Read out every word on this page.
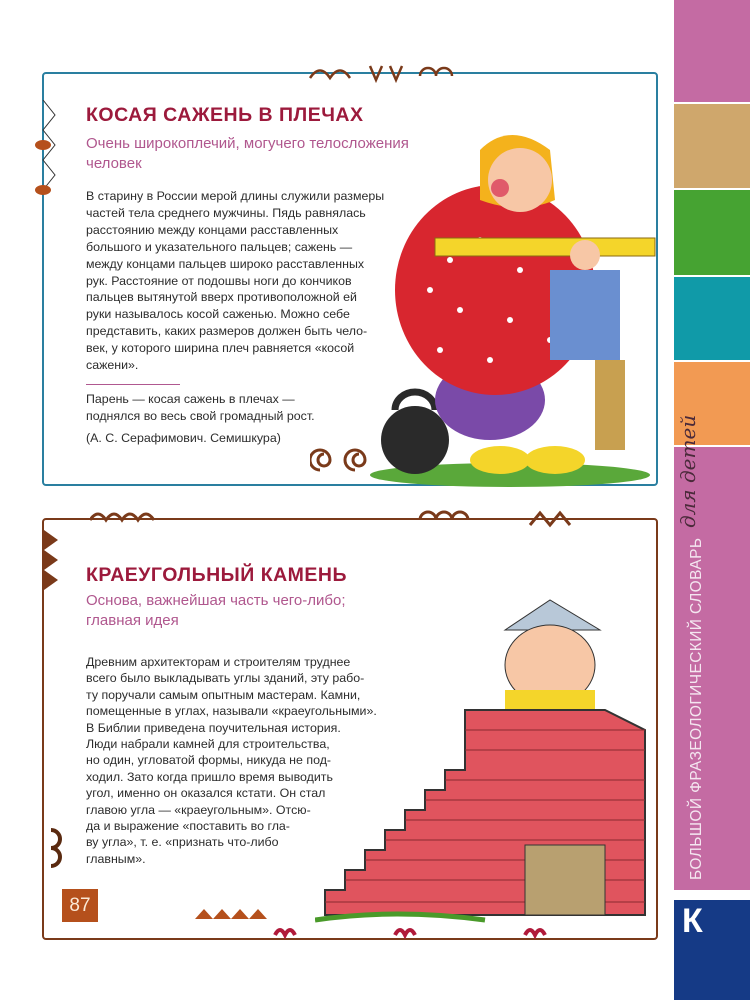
для детей
БОЛЬШОЙ ФРАЗЕОЛОГИЧЕСКИЙ СЛОВАРЬ
К
КОСАЯ САЖЕНЬ В ПЛЕЧАХ
Очень широкоплечий, могучего телосложения
человек
В старину в России мерой длины служили размеры
частей тела среднего мужчины. Пядь равнялась
расстоянию между концами расставленных
большого и указательного пальцев; сажень —
между концами пальцев широко расставленных
рук. Расстояние от подошвы ноги до кончиков
пальцев вытянутой вверх противоположной ей
руки называлось косой саженью. Можно себе
представить, каких размеров должен быть чело-
век, у которого ширина плеч равняется «косой
сажени».
Парень — косая сажень в плечах —
поднялся во весь свой громадный рост.
(А. С. Серафимович. Семишкура)
КРАЕУГОЛЬНЫЙ КАМЕНЬ
Основа, важнейшая часть чего-либо;
главная идея
Древним архитекторам и строителям труднее
всего было выкладывать углы зданий, эту рабо-
ту поручали самым опытным мастерам. Камни,
помещенные в углах, называли «краеугольными».
В Библии приведена поучительная история.
Люди набрали камней для строительства,
но один, угловатой формы, никуда не под-
ходил. Зато когда пришло время выводить
угол, именно он оказался кстати. Он стал
главою угла — «краеугольным». Отсю-
да и выражение «поставить во гла-
ву угла», т. е. «признать что-либо
главным».
87
